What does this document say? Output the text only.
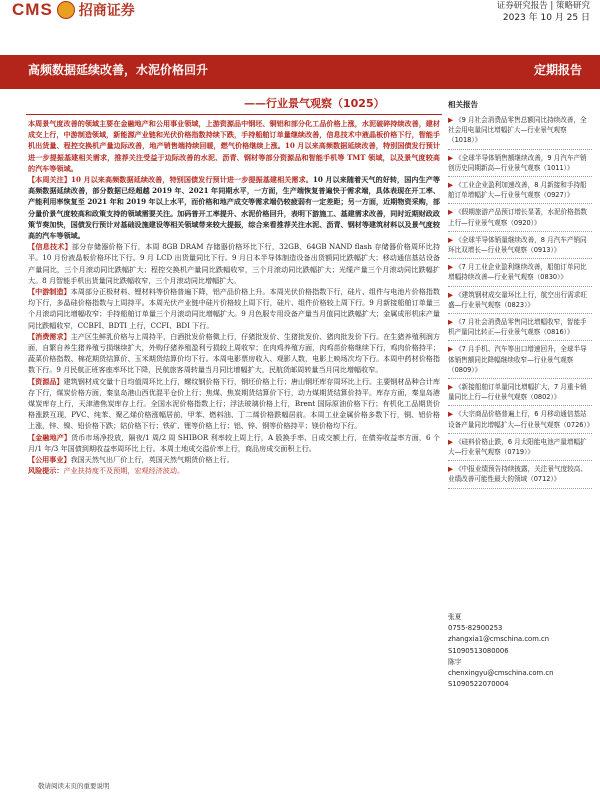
CMS 招商证券	证券研究报告 | 策略研究
2023 年 10 月 25 日
高频数据延续改善，水泥价格回升	定期报告
——行业景气观察（1025）

本周景气度改善的领域主要在金融地产和公用事业领域，上游资源品中钢坯、铜铝和部分化工品价格上涨，水泥破碎持续改善，建材成交上行，中游制造领域，新能源产业链和光伏价格指数持续下跌，手持船舶订单量继续改善，信息技术中液晶板价格下行，智能手机出货量、程控交换机产量边际改善，地产销售端持续回暖，燃气价格继续上涨。10 月以来高频数据延续改善，特别国债发行预计进一步提振基建相关需求，推荐关注受益于边际改善的水泥、沥青、钢材等部分资源品和智能手机等 TMT 领域，以及景气度较高的汽车等领域。

【本周关注】10 月以来高频数据延续改善，特别国债发行预计进一步提振基建相关需求。10 月以来随着天气的好转，国内生产等高频数据延续改善，部分数据已经超越 2019 年、2021 年同期水平，一方面，生产端恢复普遍快于需求端，具体表现在开工率、产能利用率恢复至 2021 年和 2019 年以上水平，而价格和地产成交等需求端仍较疲弱有一定差距；另一方面，近期物资采购，部分量价景气度较高和政策支持的领域需要关注。加码普开工率提升、水泥价格回升，表明下游施工、基建需求改善，同时近期财政政策节奏加快，国债发行预计对基础设施建设等相关领域带来较大提振，综合来看推荐关注水泥、沥青、钢材等建筑材料以及景气度较高的汽车等领域。

【信息技术】部分存储器价格下行，本周 8GB DRAM 存储器价格环比下行，32GB、64GB NAND flash 存储器价格周环比持平。10 月份液晶板价格环比下行。9 月 LCD 出货量同比下行。9 月日本半导体制造设备出货额同比跌幅扩大；移动通信基站设备产量同比，三个月滚动同比跌幅扩大；程控交换机产量同比跌幅收窄，三个月滚动同比跌幅扩大；光缆产量三个月滚动同比跌幅扩大。8 月智能手机出货量同比跌幅收窄，三个月滚动同比增幅扩大。

【中游制造】本周部分正极材料、锂材料等价格普遍下降，铝产品价格上升。本周光伏价格指数下行，硅片、组件与电池片价格指数均下行，多晶硅价格指数与上周持平。本周光伏产业链中硅片价格较上周下行，硅片、组件价格较上周下行。9 月新接船舶订单量三个月滚动同比增幅收窄；手持船舶订单量三个月滚动同比增幅扩大。9 月色服专用设备产量当月值同比跌幅扩大；金属成形机床产量同比跌幅收窄，CCBFI、BDTI 上行，CCFI、BDI 下行。

【消费需求】主产区生鲜乳价格与上周持平，白酒批发价格微上行，仔猪批发价、生猪批发价、猪肉批发价下行。在生猪养殖利润方面，自繁自养生猪养殖亏损继续扩大，外购仔猪养殖盈利亏损较上周收窄；在肉鸡养殖方面，肉鸡苗价格继续下行，鸡肉价格持平；蔬菜价格指数、棉花期货结算价、玉米期货结算价均下行。本周电影票房收入、观影人数，电影上映场次均下行。本周中药材价格指数下行。9 月民航正班客座率环比下降，民航旅客周转量当月同比增幅扩大，民航货邮周转量当月同比增幅收窄。

【资源品】建筑钢材成交量十日均值周环比上行，螺纹钢价格下行，钢坯价格上行；唐山钢坯库存周环比上行。主要钢材品种合计库存下行，煤炭价格方面，秦皇岛港山西优混平仓价上行；焦煤、焦炭期货结算价下行，动力煤期货结算价持平。库存方面，秦皇岛港煤炭库存上行，天津港焦炭库存上行。全国水泥价格指数上行；浮法玻璃价格上行，Brent 国际原油价格下行；有机化工品期货价格涨跌互现，PVC、纯苯、聚乙烯价格涨幅居前，甲苯、燃料油、丁二烯价格跌幅居前。本周工业金属价格多数下行，铜、铝价格上涨，锌、镍、铅价格下跌；钴价格下行；铁矿、锂等价格上行；铝、锌、钢等价格持平；镁价格均下行。

【金融地产】货币市场净投放，隔夜/1 周/2 周 SHIBOR 利率较上周上行，A 股换手率、日成交额上行，在债券收益率方面，6 个月/1 年/3 年国债到期收益率周环比上行。本周土地成交溢价率上行，商品房成交面积上行。

【公用事业】我国天然气出厂价上行，英国天然气期货价格上行。

风险提示：产业扶持度不及预期，宏观经济波动。

相关报告
▶ 《9 月社会消费品零售总额同比持续改善，全社会用电量同比增幅扩大—行业景气观察（1018）》
▶ 《全球半导体销售额继续改善，9 月汽车产销创历史同期新高—行业景气观察（1011）》
▶ 《工业企业盈利加速改善，8 月新接和手持船舶订单增幅扩大—行业景气观察（0927）》
▶ 《假期旅游产品预订增长显著，水泥价格指数上行—行业景气观察（0920）》
▶ 《全球半导体销量继续改善，8 月汽车产销同环比双增长—行业景气观察（0913）》
▶ 《7 月工业企业盈利继续改善，船舶订单同比增幅持续改善—行业景气观察（0830）》
▶ 《建筑钢材成交量环比上行，航空出行需求旺盛—行业景气观察（0823）》
▶ 《7 月社会消费品零售同比增幅收窄，智能手机产量同比转正—行业景气观察（0816）》
▶ 《7 月手机、汽车等出口增速回升，全球半导体销售额同比降幅继续收窄—行业景气观察（0809）》
▶ 《新接船舶订单量同比增幅扩大，7 月重卡销量同比上行—行业景气观察（0802）》
▶ 《大宗商品价格普遍上行，6 月移动通信基站设备产量同比增幅扩大—行业景气观察（0726）》
▶ 《硅料价格止跌，6 月太阳能电池产量增幅扩大—行业景气观察（0719）》
▶ 《中报业绩预告持续披露，关注景气度较高、业绩改善可能性最大的领域（0712）》
张夏
0755-82900253
zhangxia1@cmschina.com.cn
S1090513080006
陈宇
chenxingyu@cmschina.com.cn
S1090522070004
敬请阅读末页的重要说明
